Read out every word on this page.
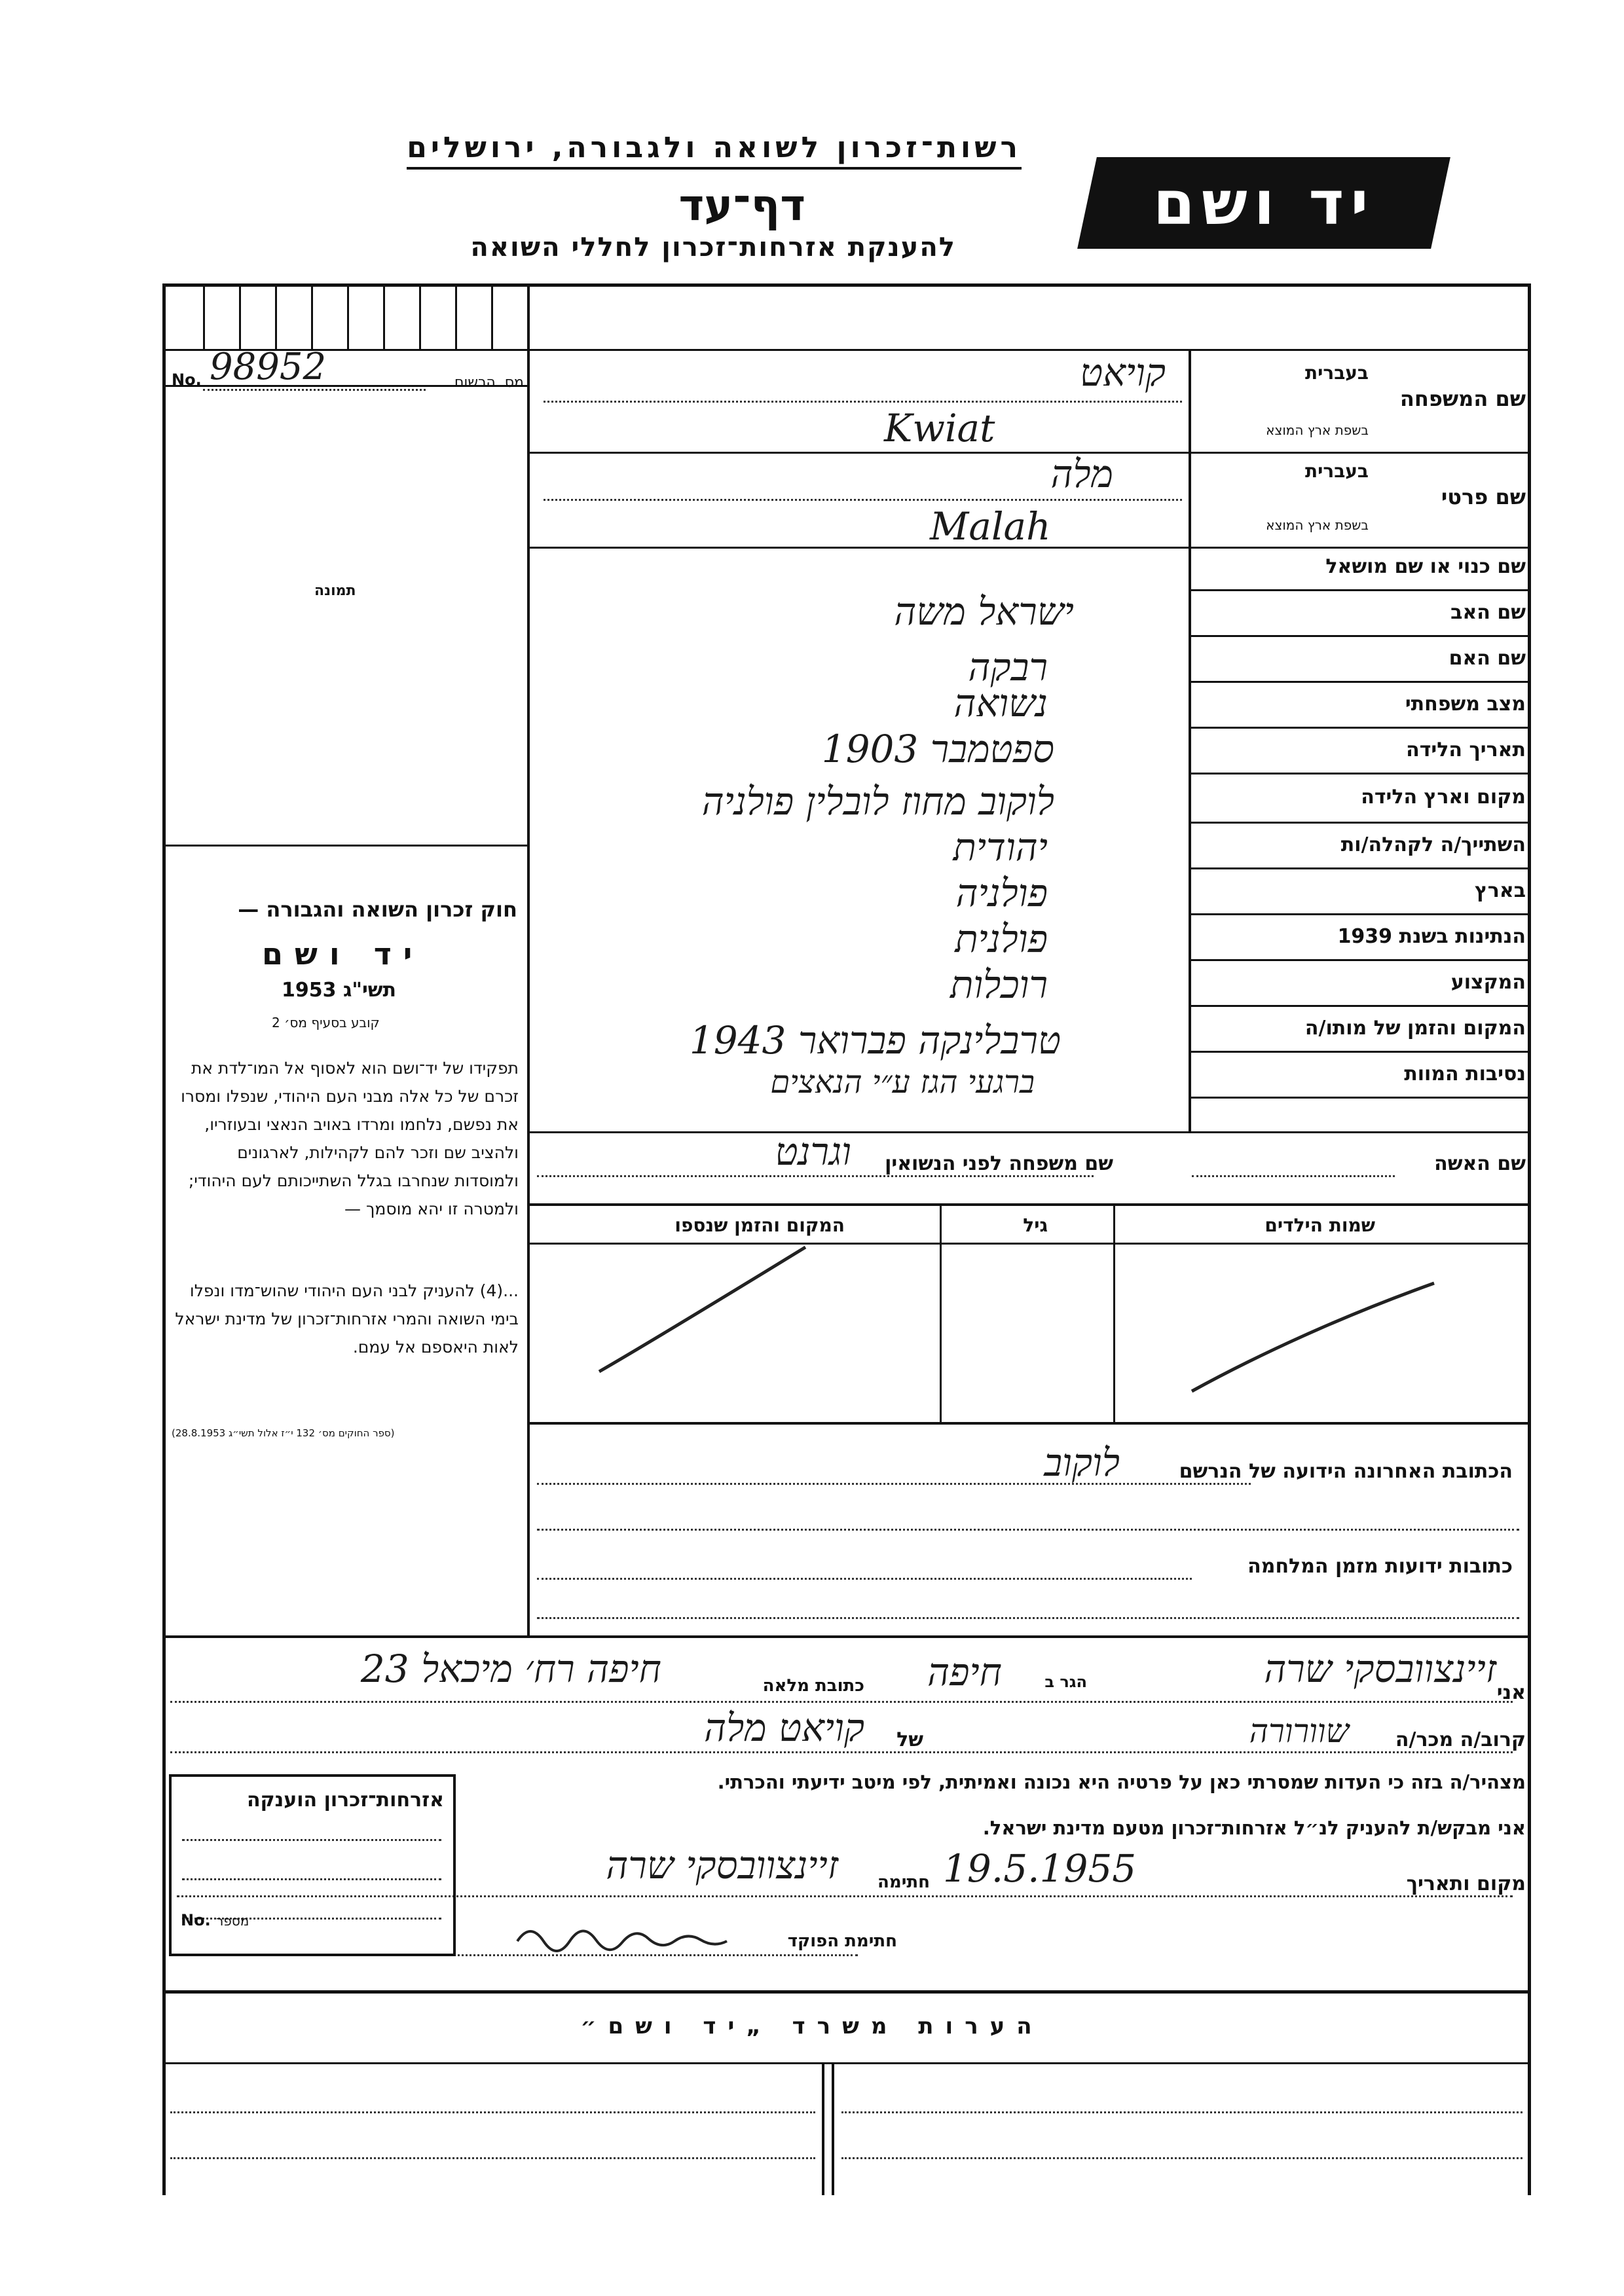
רשות־זכרון לשואה ולגבורה, ירושלים
דף־עד
להענקת אזרחות־זכרון לחללי השואה
יד ושם
No. 98952	מס. הרשום
תמונה
חוק זכרון השואה והגבורה —
יד ושם
תשי"ג 1953
קובע בסעיף מס׳ 2
תפקידו של יד־ושם הוא לאסוף אל המו־לדת את זכרם של כל אלה מבני העם היהודי, שנפלו ומסרו את נפשם, נלחמו ומרדו באויב הנאצי ובעוזריו, ולהציב שם וזכר להם לקהילות, לארגונים ולמוסדות שנחרבו בגלל השתייכותם לעם היהודי; ולמטרה זו יהא מוסמך —
...(4) להעניק לבני העם היהודי שהוש־מדו ונפלו בימי השואה והמרי אזרחות־זכרון של מדינת ישראל לאות היאספם אל עמם.
(ספר החוקים מס׳ 132 י״ז אלול תשי״ג 28.8.1953)
שם המשפחה
בעברית
בשפת ארץ המוצא
קויאט
Kwiat
שם פרטי
בעברית
בשפת ארץ המוצא
מלה
Malah
שם כנוי או שם מושאל
שם האב
ישראל משה
שם האם
רבקה
מצב משפחתי
נשואה
תאריך הלידה
ספטמבר 1903
מקום וארץ הלידה
לוקוב מחוז לובלין פולניה
השתייך/ה לקהלה/ות
יהודית
בארץ
פולניה
הנתינות בשנת 1939
פולנית
המקצוע
רוכלות
המקום והזמן של מותו/ה
טרבלינקה פברואר 1943
נסיבות המוות
ברגעי הגז ע״י הנאצים
שם האשה
שם משפחה לפני הנשואין
וגרנט
שמות הילדים
גיל
המקום והזמן שנספו
הכתובת האחרונה הידועה של הנרשם
לוקוב
כתובות ידועות מזמן המלחמה
אני
זיינצוובסקי שרה
הגר ב
חיפה
כתובת מלאה
חיפה רח׳ מיכאל 23
קרוב/ה מכר/ה
שוורורה
של
קויאט מלה
מצהיר/ה בזה כי העדות שמסרתי כאן על פרטיה היא נכונה ואמיתית, לפי מיטב ידיעתי והכרתי.
אני מבקש/ת להעניק לנ״ל אזרחות־זכרון מטעם מדינת ישראל.
מקום ותאריך
19.5.1955
חתימה
זיינצוובסקי שרה
חתימת הפוקד
אזרחות־זכרון הוענקה
No. מספר
הערות משרד „יד ושם״
